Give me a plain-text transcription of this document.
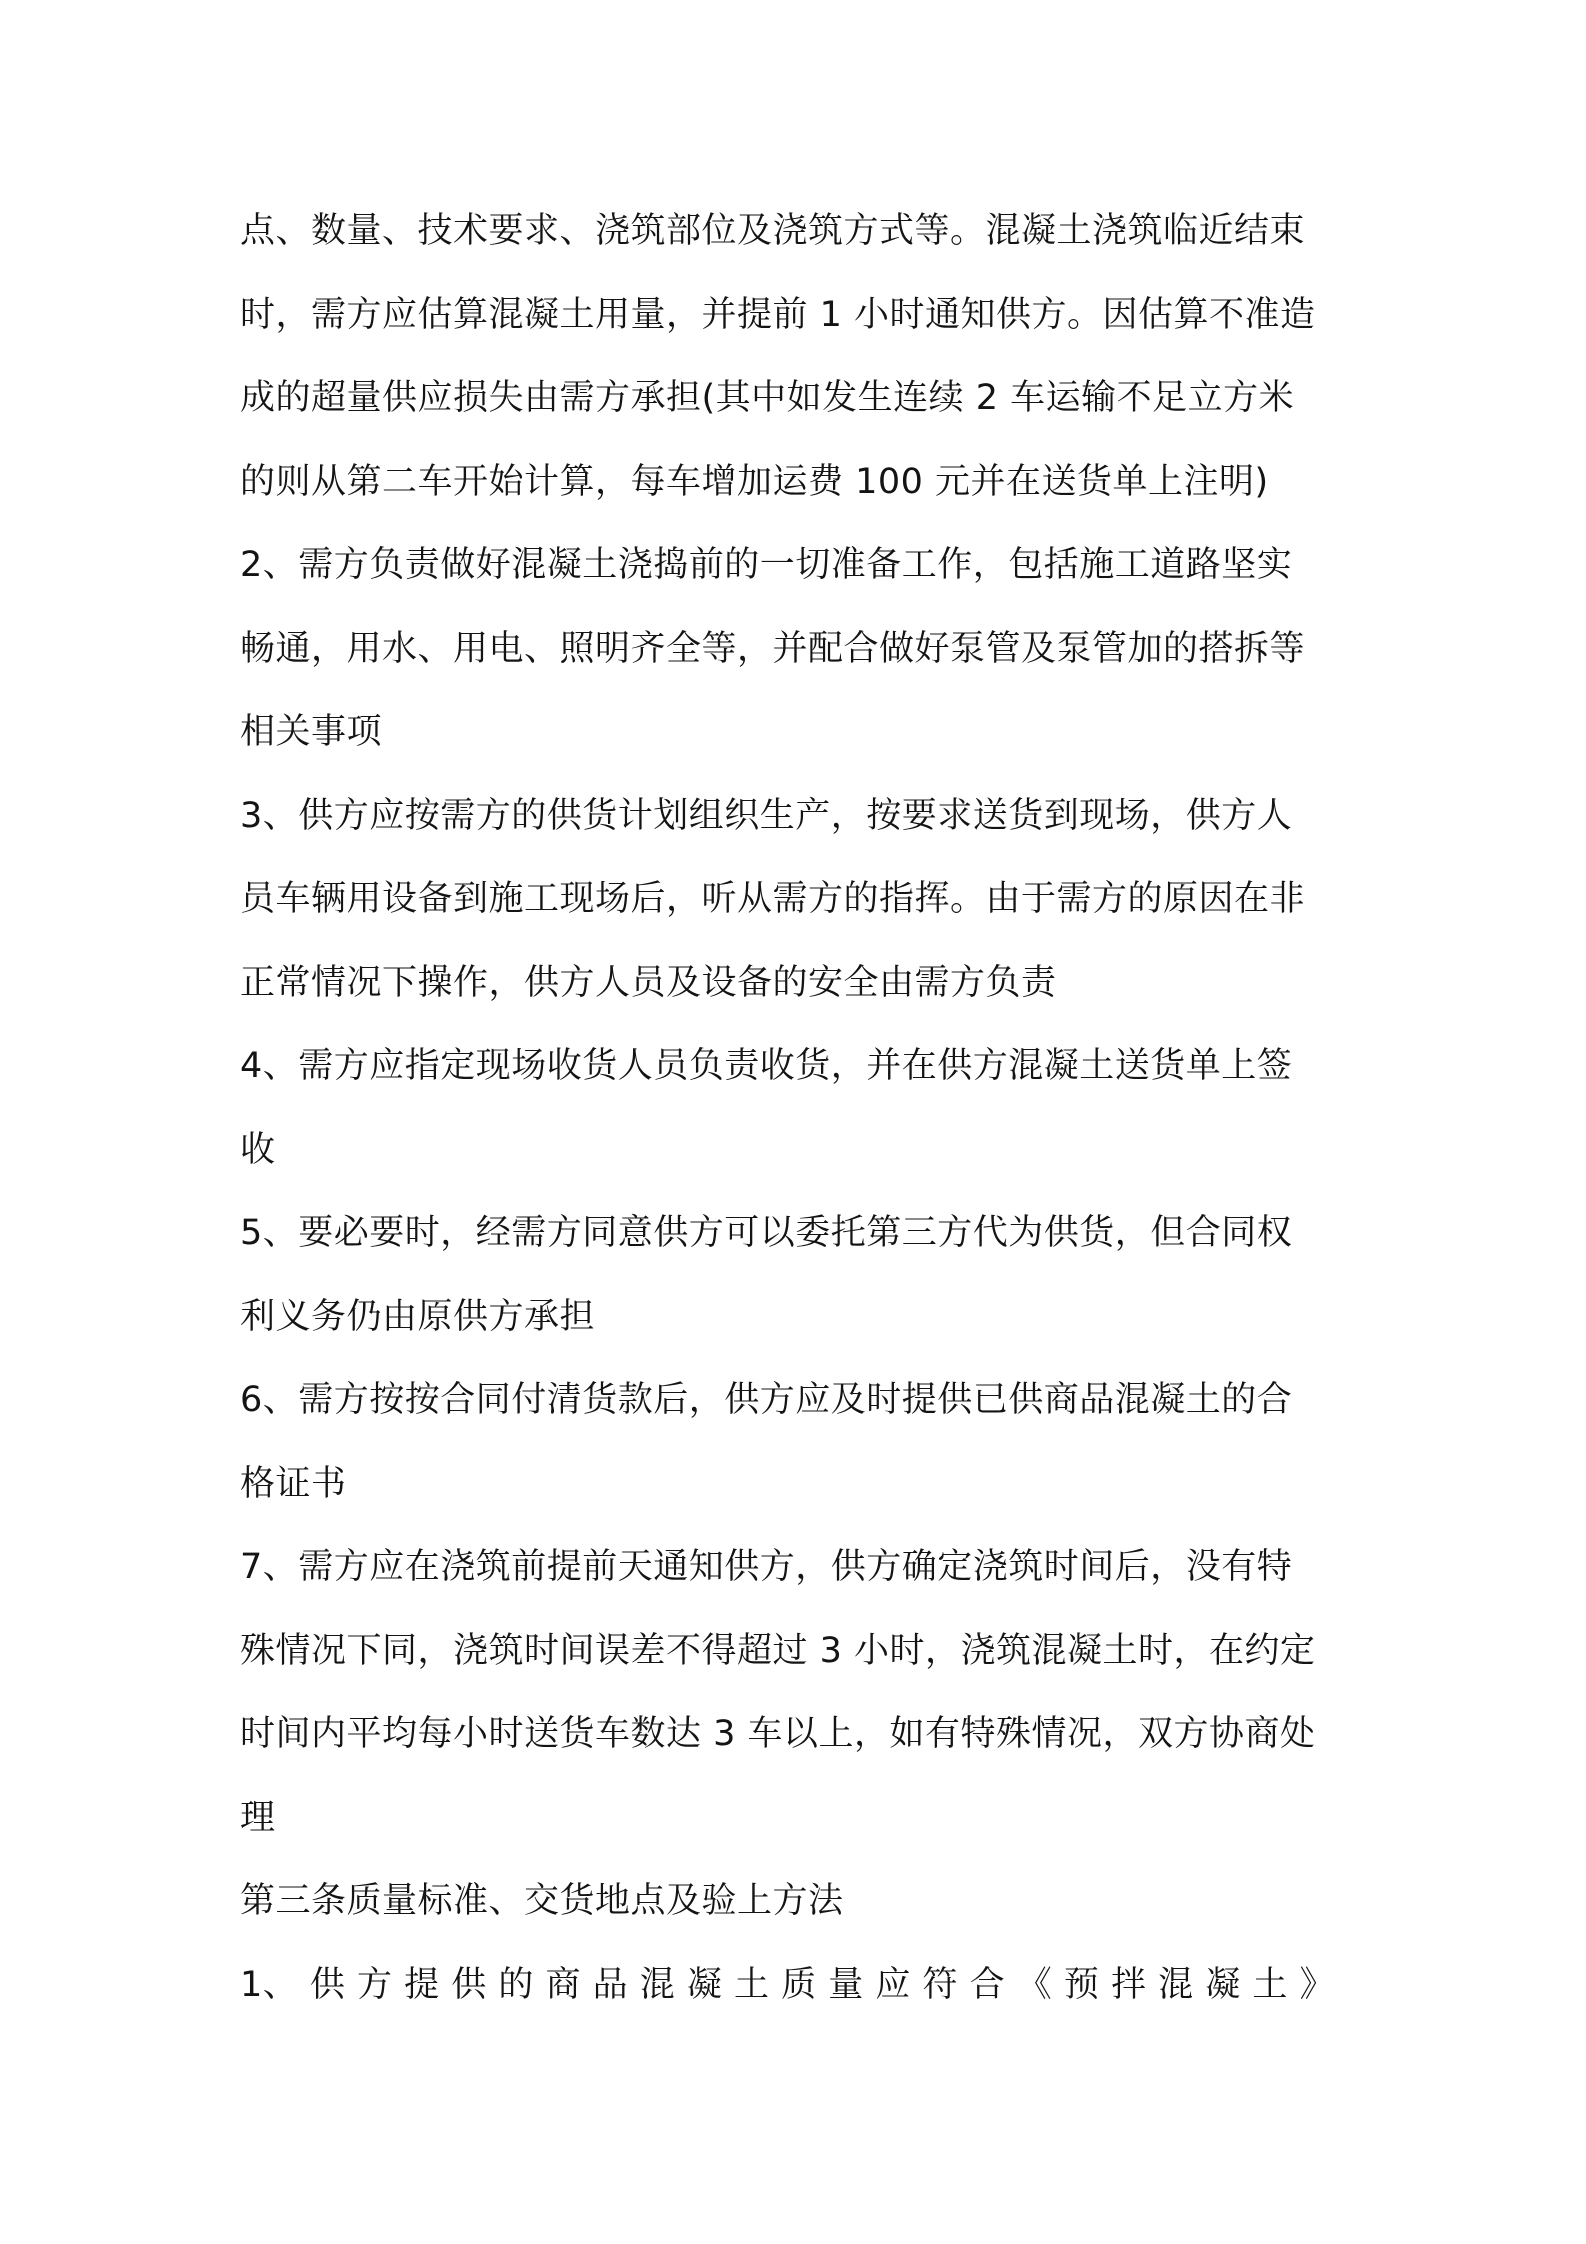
点、数量、技术要求、浇筑部位及浇筑方式等。混凝土浇筑临近结束
时，需方应估算混凝土用量，并提前 1 小时通知供方。因估算不准造
成的超量供应损失由需方承担(其中如发生连续 2 车运输不足立方米
的则从第二车开始计算，每车增加运费 100 元并在送货单上注明)
2、需方负责做好混凝土浇捣前的一切准备工作，包括施工道路坚实
畅通，用水、用电、照明齐全等，并配合做好泵管及泵管加的搭拆等
相关事项
3、供方应按需方的供货计划组织生产，按要求送货到现场，供方人
员车辆用设备到施工现场后，听从需方的指挥。由于需方的原因在非
正常情况下操作，供方人员及设备的安全由需方负责
4、需方应指定现场收货人员负责收货，并在供方混凝土送货单上签
收
5、要必要时，经需方同意供方可以委托第三方代为供货，但合同权
利义务仍由原供方承担
6、需方按按合同付清货款后，供方应及时提供已供商品混凝土的合
格证书
7、需方应在浇筑前提前天通知供方，供方确定浇筑时间后，没有特
殊情况下同，浇筑时间误差不得超过 3 小时，浇筑混凝土时，在约定
时间内平均每小时送货车数达 3 车以上，如有特殊情况，双方协商处
理
第三条质量标准、交货地点及验上方法
1、 供 方 提 供 的 商 品 混 凝 土 质 量 应 符 合 《 预 拌 混 凝 土 》
